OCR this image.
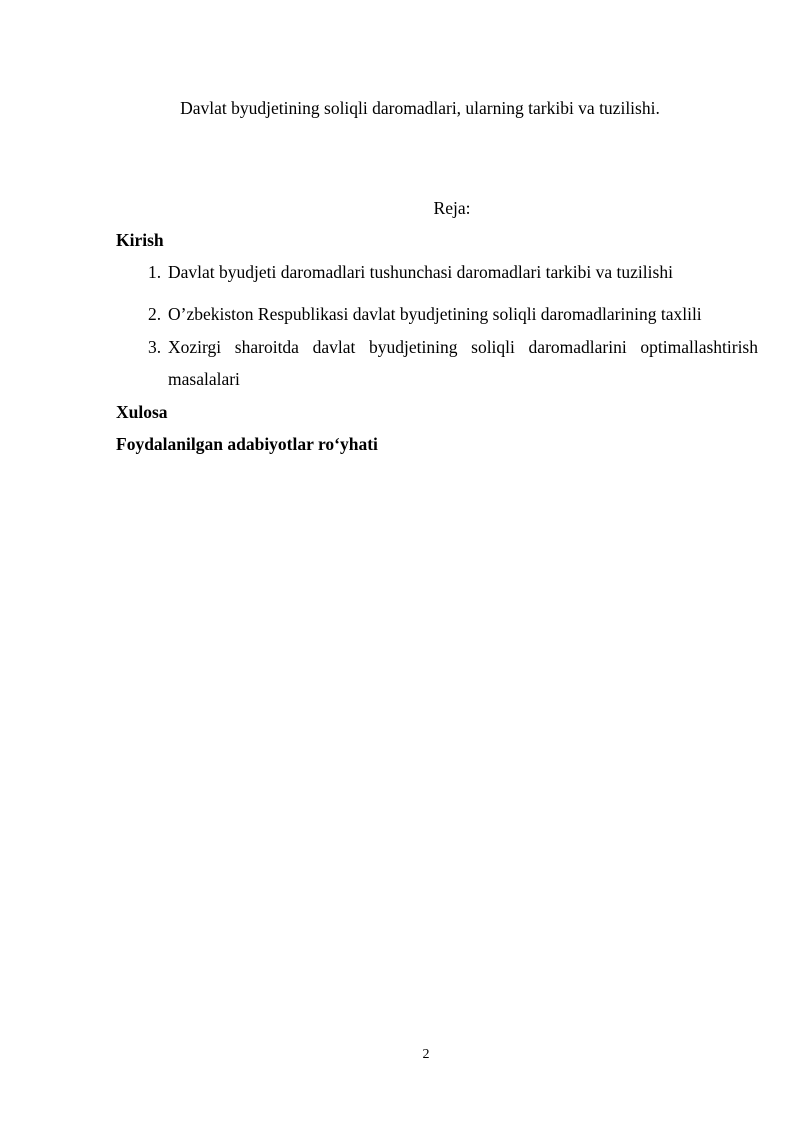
Davlat byudjetining soliqli daromadlari, ularning tarkibi va tuzilishi.
Reja:
Kirish
1. Davlat byudjeti daromadlari tushunchasi daromadlari tarkibi va tuzilishi
2. O’zbekiston Respublikasi davlat byudjetining soliqli daromadlarining taxlili
3. Xozirgi sharoitda davlat byudjetining soliqli daromadlarini optimallashtirish masalalari
Xulosa
Foydalanilgan adabiyotlar ro‘yhati
2
